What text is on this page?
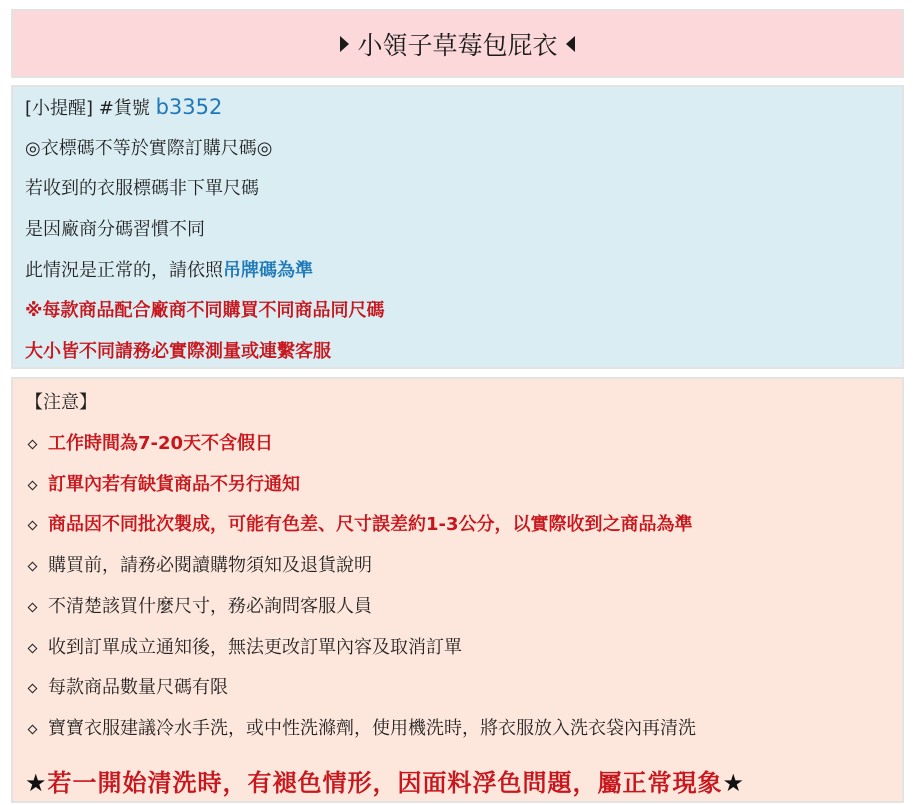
小領子草莓包屁衣
[小提醒] #貨號 b3352
◎衣標碼不等於實際訂購尺碼◎
若收到的衣服標碼非下單尺碼
是因廠商分碼習慣不同
此情況是正常的，請依照吊牌碼為準
※每款商品配合廠商不同購買不同商品同尺碼
大小皆不同請務必實際測量或連繫客服
【注意】
工作時間為7-20天不含假日
訂單內若有缺貨商品不另行通知
商品因不同批次製成，可能有色差、尺寸誤差約1-3公分，以實際收到之商品為準
購買前，請務必閱讀購物須知及退貨說明
不清楚該買什麼尺寸，務必詢問客服人員
收到訂單成立通知後，無法更改訂單內容及取消訂單
每款商品數量尺碼有限
寶寶衣服建議冷水手洗，或中性洗滌劑，使用機洗時，將衣服放入洗衣袋內再清洗
★若一開始清洗時，有褪色情形，因面料浮色問題，屬正常現象★
